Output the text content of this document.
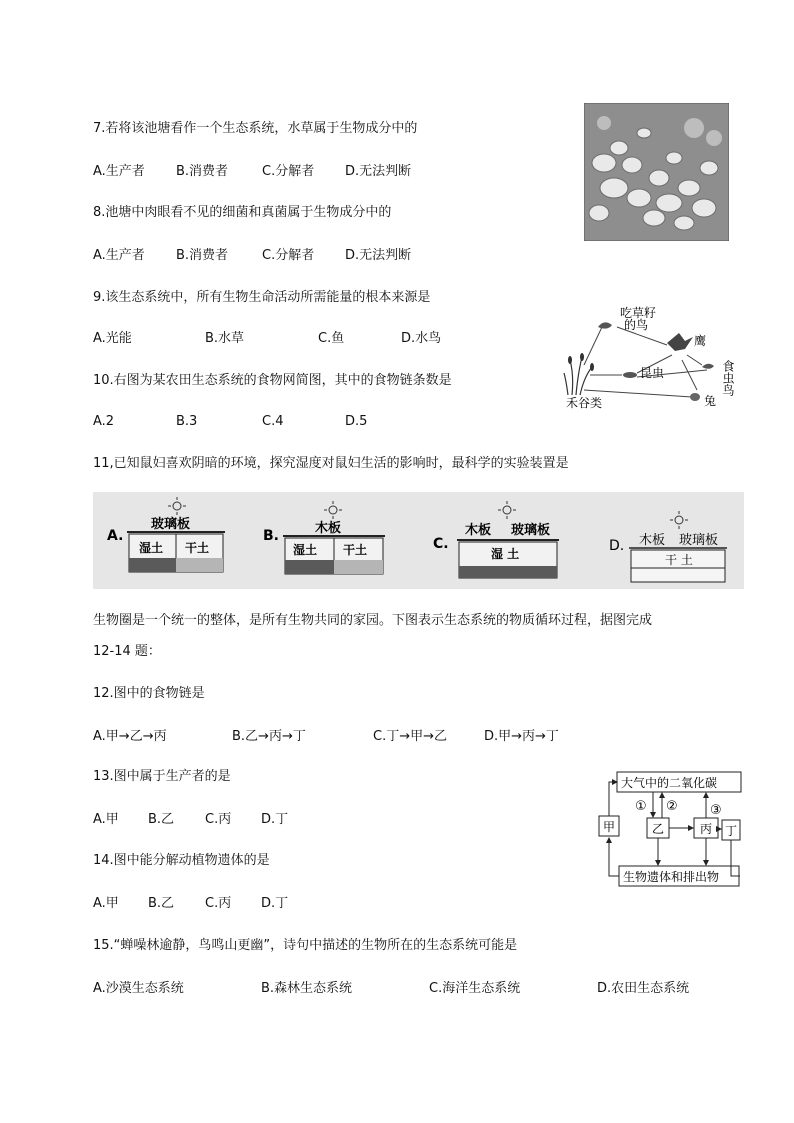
7.若将该池塘看作一个生态系统，水草属于生物成分中的
A.生产者 B.消费者	C.分解者 D.无法判断
8.池塘中肉眼看不见的细菌和真菌属于生物成分中的
A.生产者 B.消费者	C.分解者 D.无法判断
9.该生态系统中，所有生物生命活动所需能量的根本来源是
A.光能	B.水草	C.鱼	D.水鸟
10.右图为某农田生态系统的食物网简图，其中的食物链条数是
A.2	B.3	C.4	D.5
11,已知鼠妇喜欢阴暗的环境，探究湿度对鼠妇生活的影响时，最科学的实验装置是
吃草籽
的鸟
鹰
昆虫	食虫鸟
兔
禾谷类
A.
玻璃板
湿土 干土
B.	木板
湿土 干土	C.
木板 玻璃板
湿 土	D. 木板 玻璃板
干 土
生物圈是一个统一的整体，是所有生物共同的家园。下图表示生态系统的物质循环过程，据图完成
12-14 题：
12.图中的食物链是
A.甲→乙→丙	B.乙→丙→丁	C.丁→甲→乙	D.甲→丙→丁
13.图中属于生产者的是
A.甲 B.乙 C.丙 D.丁
14.图中能分解动植物遗体的是
A.甲 B.乙 C.丙 D.丁
15.“蝉噪林逾静，鸟鸣山更幽”，诗句中描述的生物所在的生态系统可能是
A.沙漠生态系统	B.森林生态系统	C.海洋生态系统	D.农田生态系统
大气中的二氧化碳
生物遗体和排出物
甲	乙	丙 丁
① ② ③
